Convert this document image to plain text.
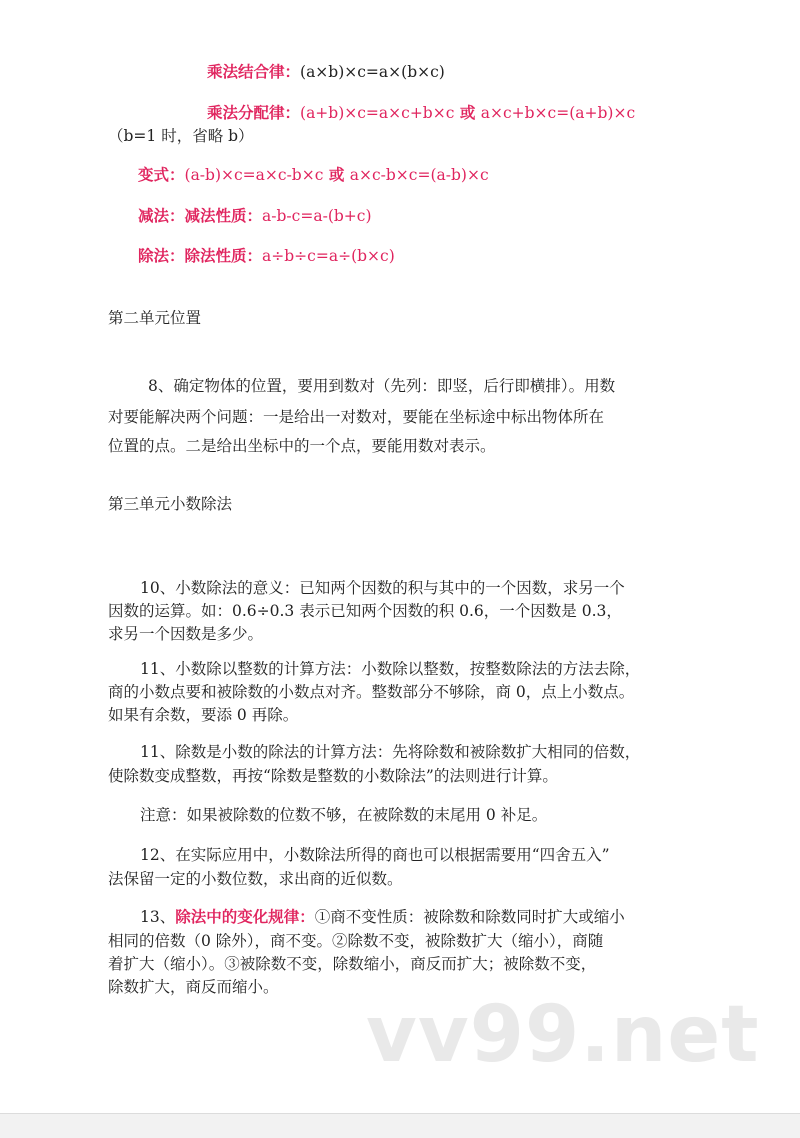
乘法结合律：(a×b)×c=a×(b×c)
乘法分配律：(a+b)×c=a×c+b×c 或 a×c+b×c=(a+b)×c
（b=1 时，省略 b）
变式：(a-b)×c=a×c-b×c 或 a×c-b×c=(a-b)×c
减法：减法性质：a-b-c=a-(b+c)
除法：除法性质：a÷b÷c=a÷(b×c)
第二单元位置
8、确定物体的位置，要用到数对（先列：即竖，后行即横排）。用数
对要能解决两个问题：一是给出一对数对，要能在坐标途中标出物体所在
位置的点。二是给出坐标中的一个点，要能用数对表示。
第三单元小数除法
10、小数除法的意义：已知两个因数的积与其中的一个因数，求另一个
因数的运算。如：0.6÷0.3 表示已知两个因数的积 0.6，一个因数是 0.3，
求另一个因数是多少。
11、小数除以整数的计算方法：小数除以整数，按整数除法的方法去除，
商的小数点要和被除数的小数点对齐。整数部分不够除，商 0，点上小数点。
如果有余数，要添 0 再除。
11、除数是小数的除法的计算方法：先将除数和被除数扩大相同的倍数，
使除数变成整数，再按“除数是整数的小数除法”的法则进行计算。
注意：如果被除数的位数不够，在被除数的末尾用 0 补足。
12、在实际应用中，小数除法所得的商也可以根据需要用“四舍五入”
法保留一定的小数位数，求出商的近似数。
13、除法中的变化规律：①商不变性质：被除数和除数同时扩大或缩小
相同的倍数（0 除外），商不变。②除数不变，被除数扩大（缩小），商随
着扩大（缩小）。③被除数不变，除数缩小，商反而扩大；被除数不变，
除数扩大，商反而缩小。
vv99.net
